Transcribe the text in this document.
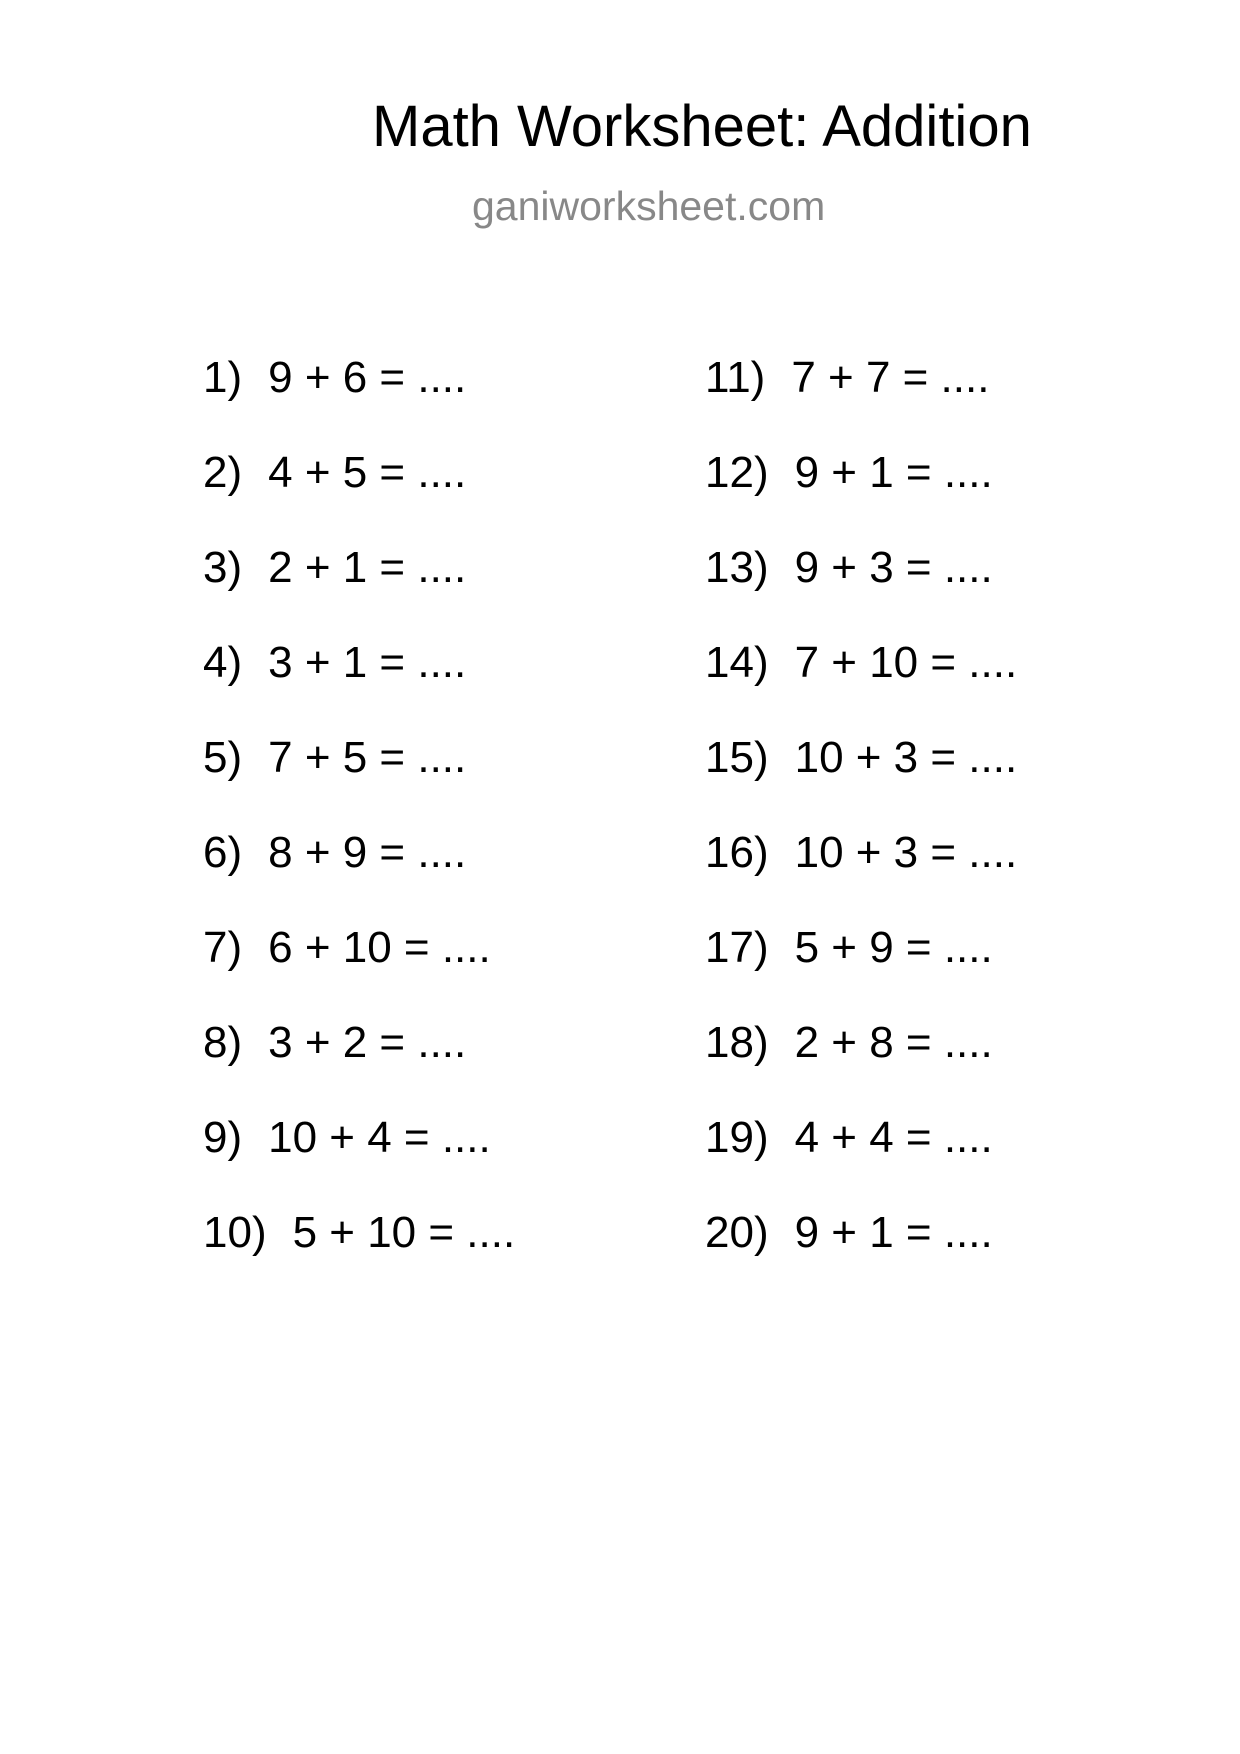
Math Worksheet: Addition
ganiworksheet.com
1) 9 + 6 = ....
2) 4 + 5 = ....
3) 2 + 1 = ....
4) 3 + 1 = ....
5) 7 + 5 = ....
6) 8 + 9 = ....
7) 6 + 10 = ....
8) 3 + 2 = ....
9) 10 + 4 = ....
10) 5 + 10 = ....
11) 7 + 7 = ....
12) 9 + 1 = ....
13) 9 + 3 = ....
14) 7 + 10 = ....
15) 10 + 3 = ....
16) 10 + 3 = ....
17) 5 + 9 = ....
18) 2 + 8 = ....
19) 4 + 4 = ....
20) 9 + 1 = ....
